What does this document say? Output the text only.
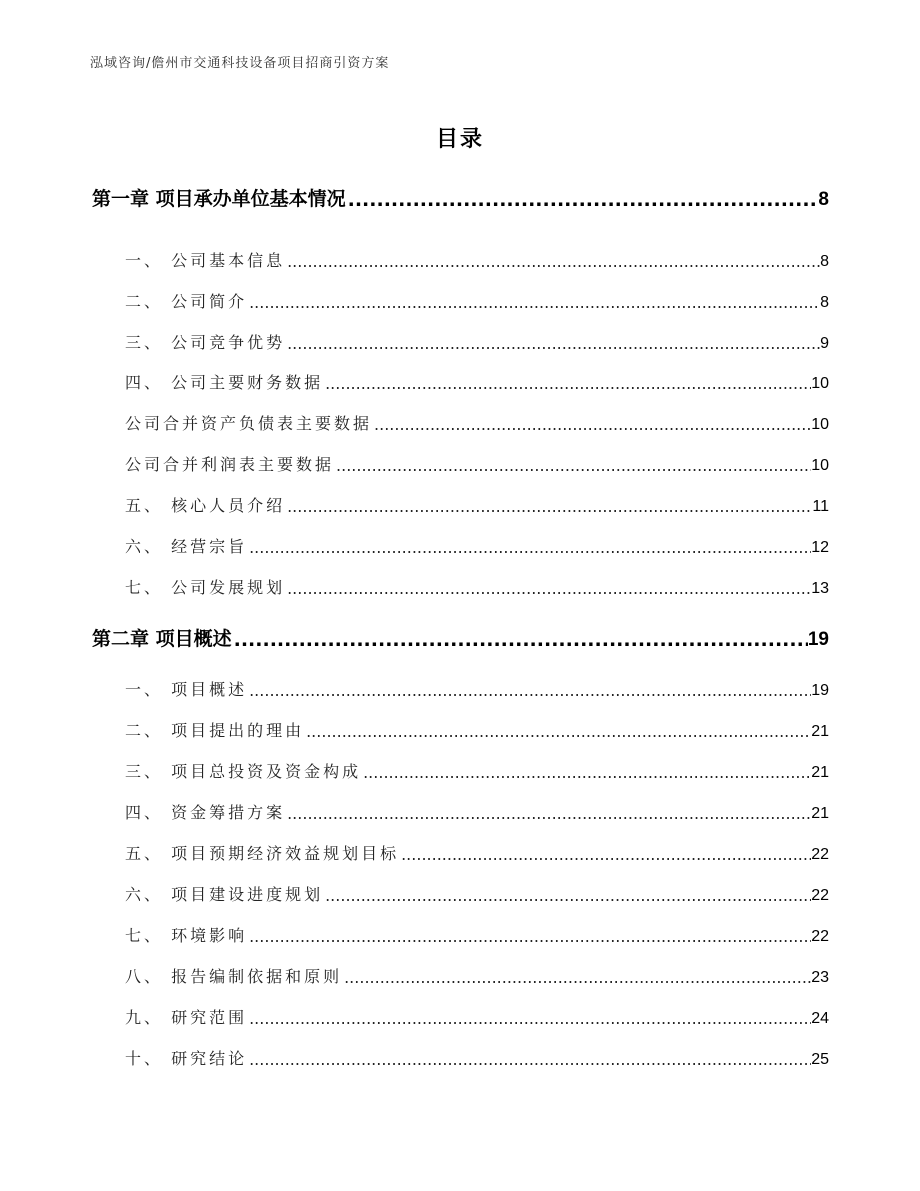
泓域咨询/儋州市交通科技设备项目招商引资方案
目录
第一章 项目承办单位基本情况 .....	8
一、 公司基本信息 .....	8
二、 公司简介 .....	8
三、 公司竞争优势 .....	9
四、 公司主要财务数据 .....	10
公司合并资产负债表主要数据 .....	10
公司合并利润表主要数据 .....	10
五、 核心人员介绍 .....	11
六、 经营宗旨 .....	12
七、 公司发展规划 .....	13
第二章 项目概述 .....	19
一、 项目概述 .....	19
二、 项目提出的理由 .....	21
三、 项目总投资及资金构成 .....	21
四、 资金筹措方案 .....	21
五、 项目预期经济效益规划目标 .....	22
六、 项目建设进度规划 .....	22
七、 环境影响 .....	22
八、 报告编制依据和原则 .....	23
九、 研究范围 .....	24
十、 研究结论 .....	25
